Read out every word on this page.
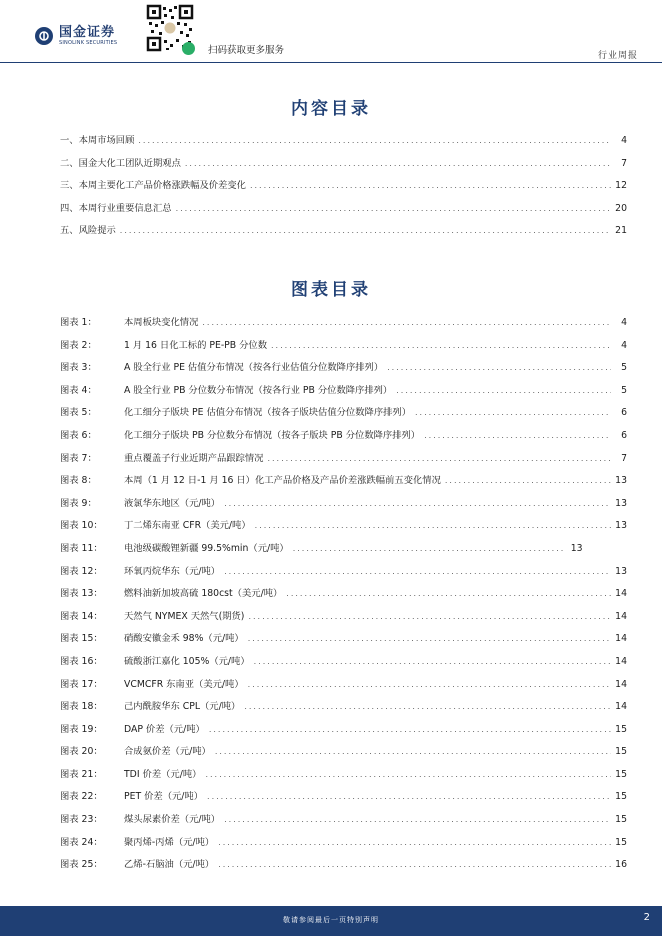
国金证券
SINOLINK SECURITIES
扫码获取更多服务	行业周报
内容目录
一、本周市场回顾 .....	4
二、国金大化工团队近期观点 .....	7
三、本周主要化工产品价格涨跌幅及价差变化 .....	12
四、本周行业重要信息汇总 .....	20
五、风险提示 .....	21
图表目录
图表 1：	本周板块变化情况 .....	4
图表 2：	1 月 16 日化工标的 PE-PB 分位数 .....	4
图表 3：	A 股全行业 PE 估值分布情况（按各行业估值分位数降序排列） .....	5
图表 4：	A 股全行业 PB 分位数分布情况（按各行业 PB 分位数降序排列） .....	5
图表 5：	化工细分子版块 PE 估值分布情况（按各子版块估值分位数降序排列） .....	6
图表 6：	化工细分子版块 PB 分位数分布情况（按各子版块 PB 分位数降序排列） .....	6
图表 7：	重点覆盖子行业近期产品跟踪情况 .....	7
图表 8：	本周（1 月 12 日-1 月 16 日）化工产品价格及产品价差涨跌幅前五变化情况 .....	13
图表 9：	液氯华东地区（元/吨） .....	13
图表 10：	丁二烯东南亚 CFR（美元/吨） .....	13
图表 11：	电池级碳酸锂新疆 99.5%min（元/吨） .....	13
图表 12：	环氧丙烷华东（元/吨） .....	13
图表 13：	燃料油新加坡高硫 180cst（美元/吨） .....	14
图表 14：	天然气 NYMEX 天然气(期货) .....	14
图表 15：	硝酸安徽金禾 98%（元/吨） .....	14
图表 16：	硫酸浙江嘉化 105%（元/吨） .....	14
图表 17：	VCMCFR 东南亚（美元/吨） .....	14
图表 18：	己内酰胺华东 CPL（元/吨） .....	14
图表 19：	DAP 价差（元/吨） .....	15
图表 20：	合成氨价差（元/吨） .....	15
图表 21：	TDI 价差（元/吨） .....	15
图表 22：	PET 价差（元/吨） .....	15
图表 23：	煤头尿素价差（元/吨） .....	15
图表 24：	聚丙烯-丙烯（元/吨） .....	15
图表 25：	乙烯-石脑油（元/吨） .....	16
敬请参阅最后一页特别声明	2
